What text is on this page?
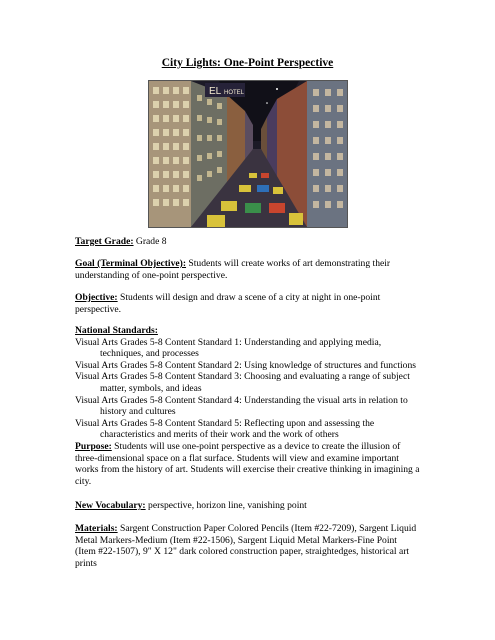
City Lights: One-Point Perspective
EL HOTEL
Target Grade: Grade 8
Goal (Terminal Objective): Students will create works of art demonstrating their understanding of one-point perspective.
Objective: Students will design and draw a scene of a city at night in one-point perspective.
National Standards:

Visual Arts Grades 5-8 Content Standard 1: Understanding and applying media,
techniques, and processes

Visual Arts Grades 5-8 Content Standard 2: Using knowledge of structures and functions

Visual Arts Grades 5-8 Content Standard 3: Choosing and evaluating a range of subject
matter, symbols, and ideas

Visual Arts Grades 5-8 Content Standard 4: Understanding the visual arts in relation to
history and cultures

Visual Arts Grades 5-8 Content Standard 5: Reflecting upon and assessing the
characteristics and merits of their work and the work of others

Purpose: Students will use one-point perspective as a device to create the illusion of three-dimensional space on a flat surface. Students will view and examine important works from the history of art. Students will exercise their creative thinking in imagining a city.
New Vocabulary: perspective, horizon line, vanishing point
Materials: Sargent Construction Paper Colored Pencils (Item #22-7209), Sargent Liquid Metal Markers-Medium (Item #22-1506), Sargent Liquid Metal Markers-Fine Point (Item #22-1507), 9" X 12" dark colored construction paper, straightedges, historical art prints
